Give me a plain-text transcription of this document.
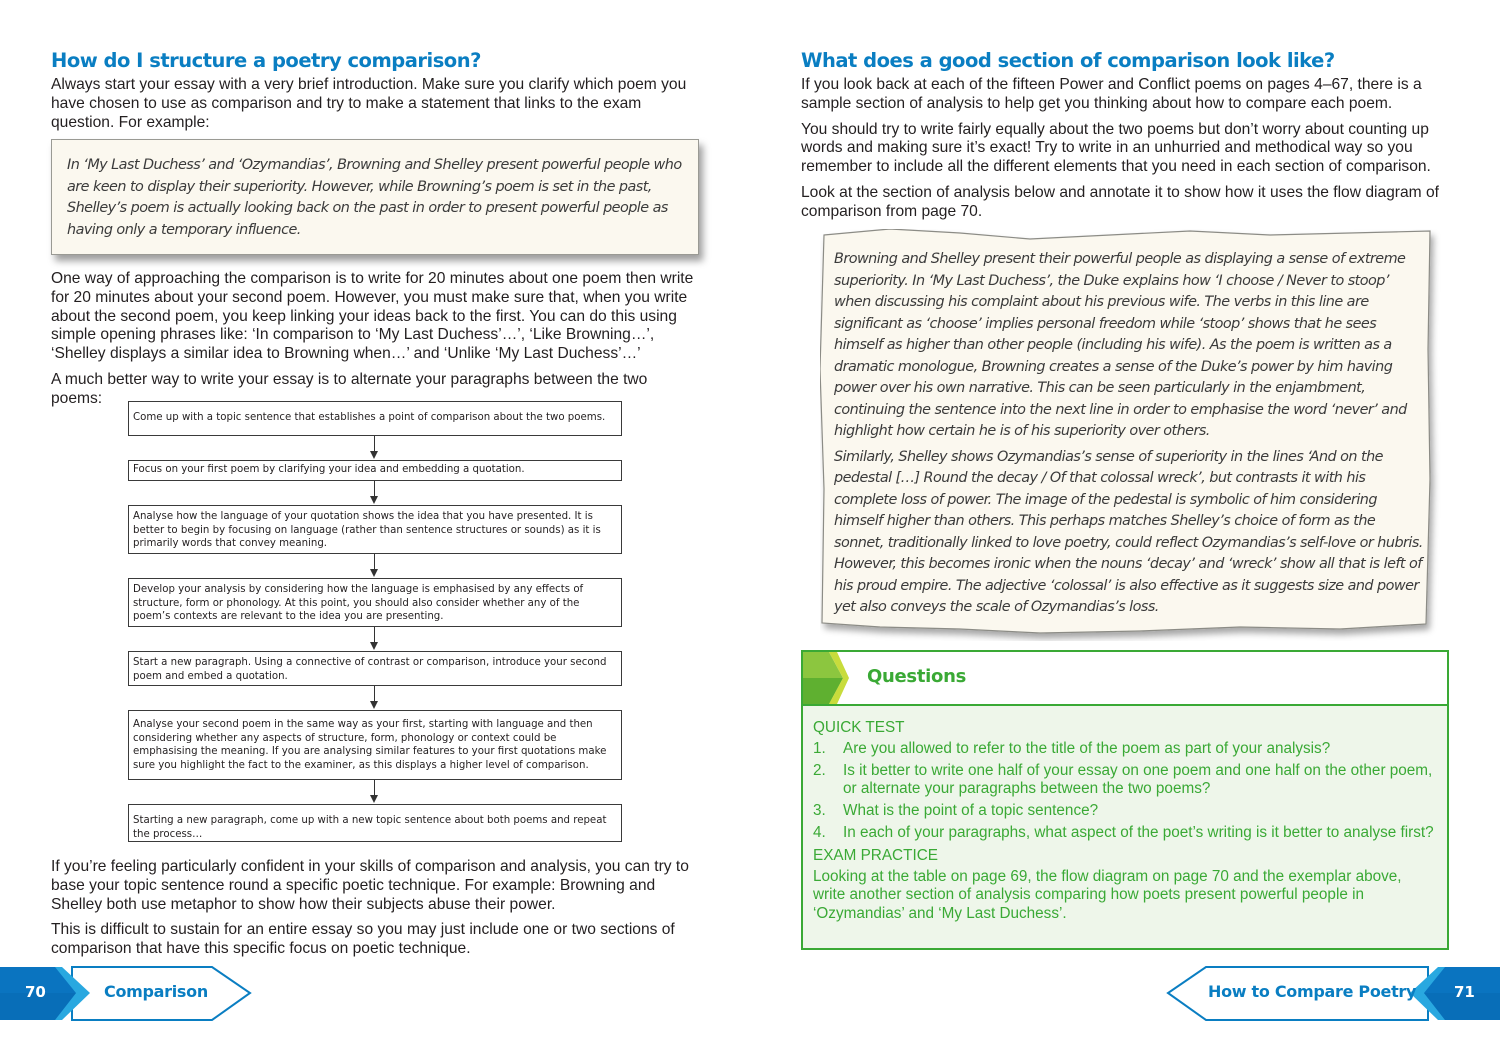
How do I structure a poetry comparison?

Always start your essay with a very brief introduction. Make sure you clarify which poem you have chosen to use as comparison and try to make a statement that links to the exam question. For example:

In ‘My Last Duchess’ and ‘Ozymandias’, Browning and Shelley present powerful people who are keen to display their superiority. However, while Browning’s poem is set in the past, Shelley’s poem is actually looking back on the past in order to present powerful people as having only a temporary influence.

One way of approaching the comparison is to write for 20 minutes about one poem then write for 20 minutes about your second poem. However, you must make sure that, when you write about the second poem, you keep linking your ideas back to the first. You can do this using simple opening phrases like: ‘In comparison to ‘My Last Duchess’…’, ‘Like Browning…’, ‘Shelley displays a similar idea to Browning when…’ and ‘Unlike ‘My Last Duchess’…’

A much better way to write your essay is to alternate your paragraphs between the two poems:

Come up with a topic sentence that establishes a point of comparison about the two poems.
Focus on your first poem by clarifying your idea and embedding a quotation.
Analyse how the language of your quotation shows the idea that you have presented. It is better to begin by focusing on language (rather than sentence structures or sounds) as it is primarily words that convey meaning.
Develop your analysis by considering how the language is emphasised by any effects of structure, form or phonology. At this point, you should also consider whether any of the poem’s contexts are relevant to the idea you are presenting.
Start a new paragraph. Using a connective of contrast or comparison, introduce your second poem and embed a quotation.
Analyse your second poem in the same way as your first, starting with language and then considering whether any aspects of structure, form, phonology or context could be emphasising the meaning. If you are analysing similar features to your first quotations make sure you highlight the fact to the examiner, as this displays a higher level of comparison.
Starting a new paragraph, come up with a new topic sentence about both poems and repeat the process…

If you’re feeling particularly confident in your skills of comparison and analysis, you can try to base your topic sentence round a specific poetic technique. For example: Browning and Shelley both use metaphor to show how their subjects abuse their power.

This is difficult to sustain for an entire essay so you may just include one or two sections of comparison that have this specific focus on poetic technique.

70	Comparison
What does a good section of comparison look like?

If you look back at each of the fifteen Power and Conflict poems on pages 4–67, there is a sample section of analysis to help get you thinking about how to compare each poem.

You should try to write fairly equally about the two poems but don’t worry about counting up words and making sure it’s exact! Try to write in an unhurried and methodical way so you remember to include all the different elements that you need in each section of comparison.

Look at the section of analysis below and annotate it to show how it uses the flow diagram of comparison from page 70.

Browning and Shelley present their powerful people as displaying a sense of extreme superiority. In ‘My Last Duchess’, the Duke explains how ‘I choose / Never to stoop’ when discussing his complaint about his previous wife. The verbs in this line are significant as ‘choose’ implies personal freedom while ‘stoop’ shows that he sees himself as higher than other people (including his wife). As the poem is written as a dramatic monologue, Browning creates a sense of the Duke’s power by him having power over his own narrative. This can be seen particularly in the enjambment, continuing the sentence into the next line in order to emphasise the word ‘never’ and highlight how certain he is of his superiority over others.

Similarly, Shelley shows Ozymandias’s sense of superiority in the lines ‘And on the pedestal […] Round the decay / Of that colossal wreck’, but contrasts it with his complete loss of power. The image of the pedestal is symbolic of him considering himself higher than others. This perhaps matches Shelley’s choice of form as the sonnet, traditionally linked to love poetry, could reflect Ozymandias’s self-love or hubris. However, this becomes ironic when the nouns ‘decay’ and ‘wreck’ show all that is left of his proud empire. The adjective ‘colossal’ is also effective as it suggests size and power yet also conveys the scale of Ozymandias’s loss.

Questions
QUICK TEST
1.	Are you allowed to refer to the title of the poem as part of your analysis?
2.	Is it better to write one half of your essay on one poem and one half on the other poem, or alternate your paragraphs between the two poems?
3.	What is the point of a topic sentence?
4.	In each of your paragraphs, what aspect of the poet’s writing is it better to analyse first?
EXAM PRACTICE
Looking at the table on page 69, the flow diagram on page 70 and the exemplar above, write another section of analysis comparing how poets present powerful people in ‘Ozymandias’ and ‘My Last Duchess’.
How to Compare Poetry	71
